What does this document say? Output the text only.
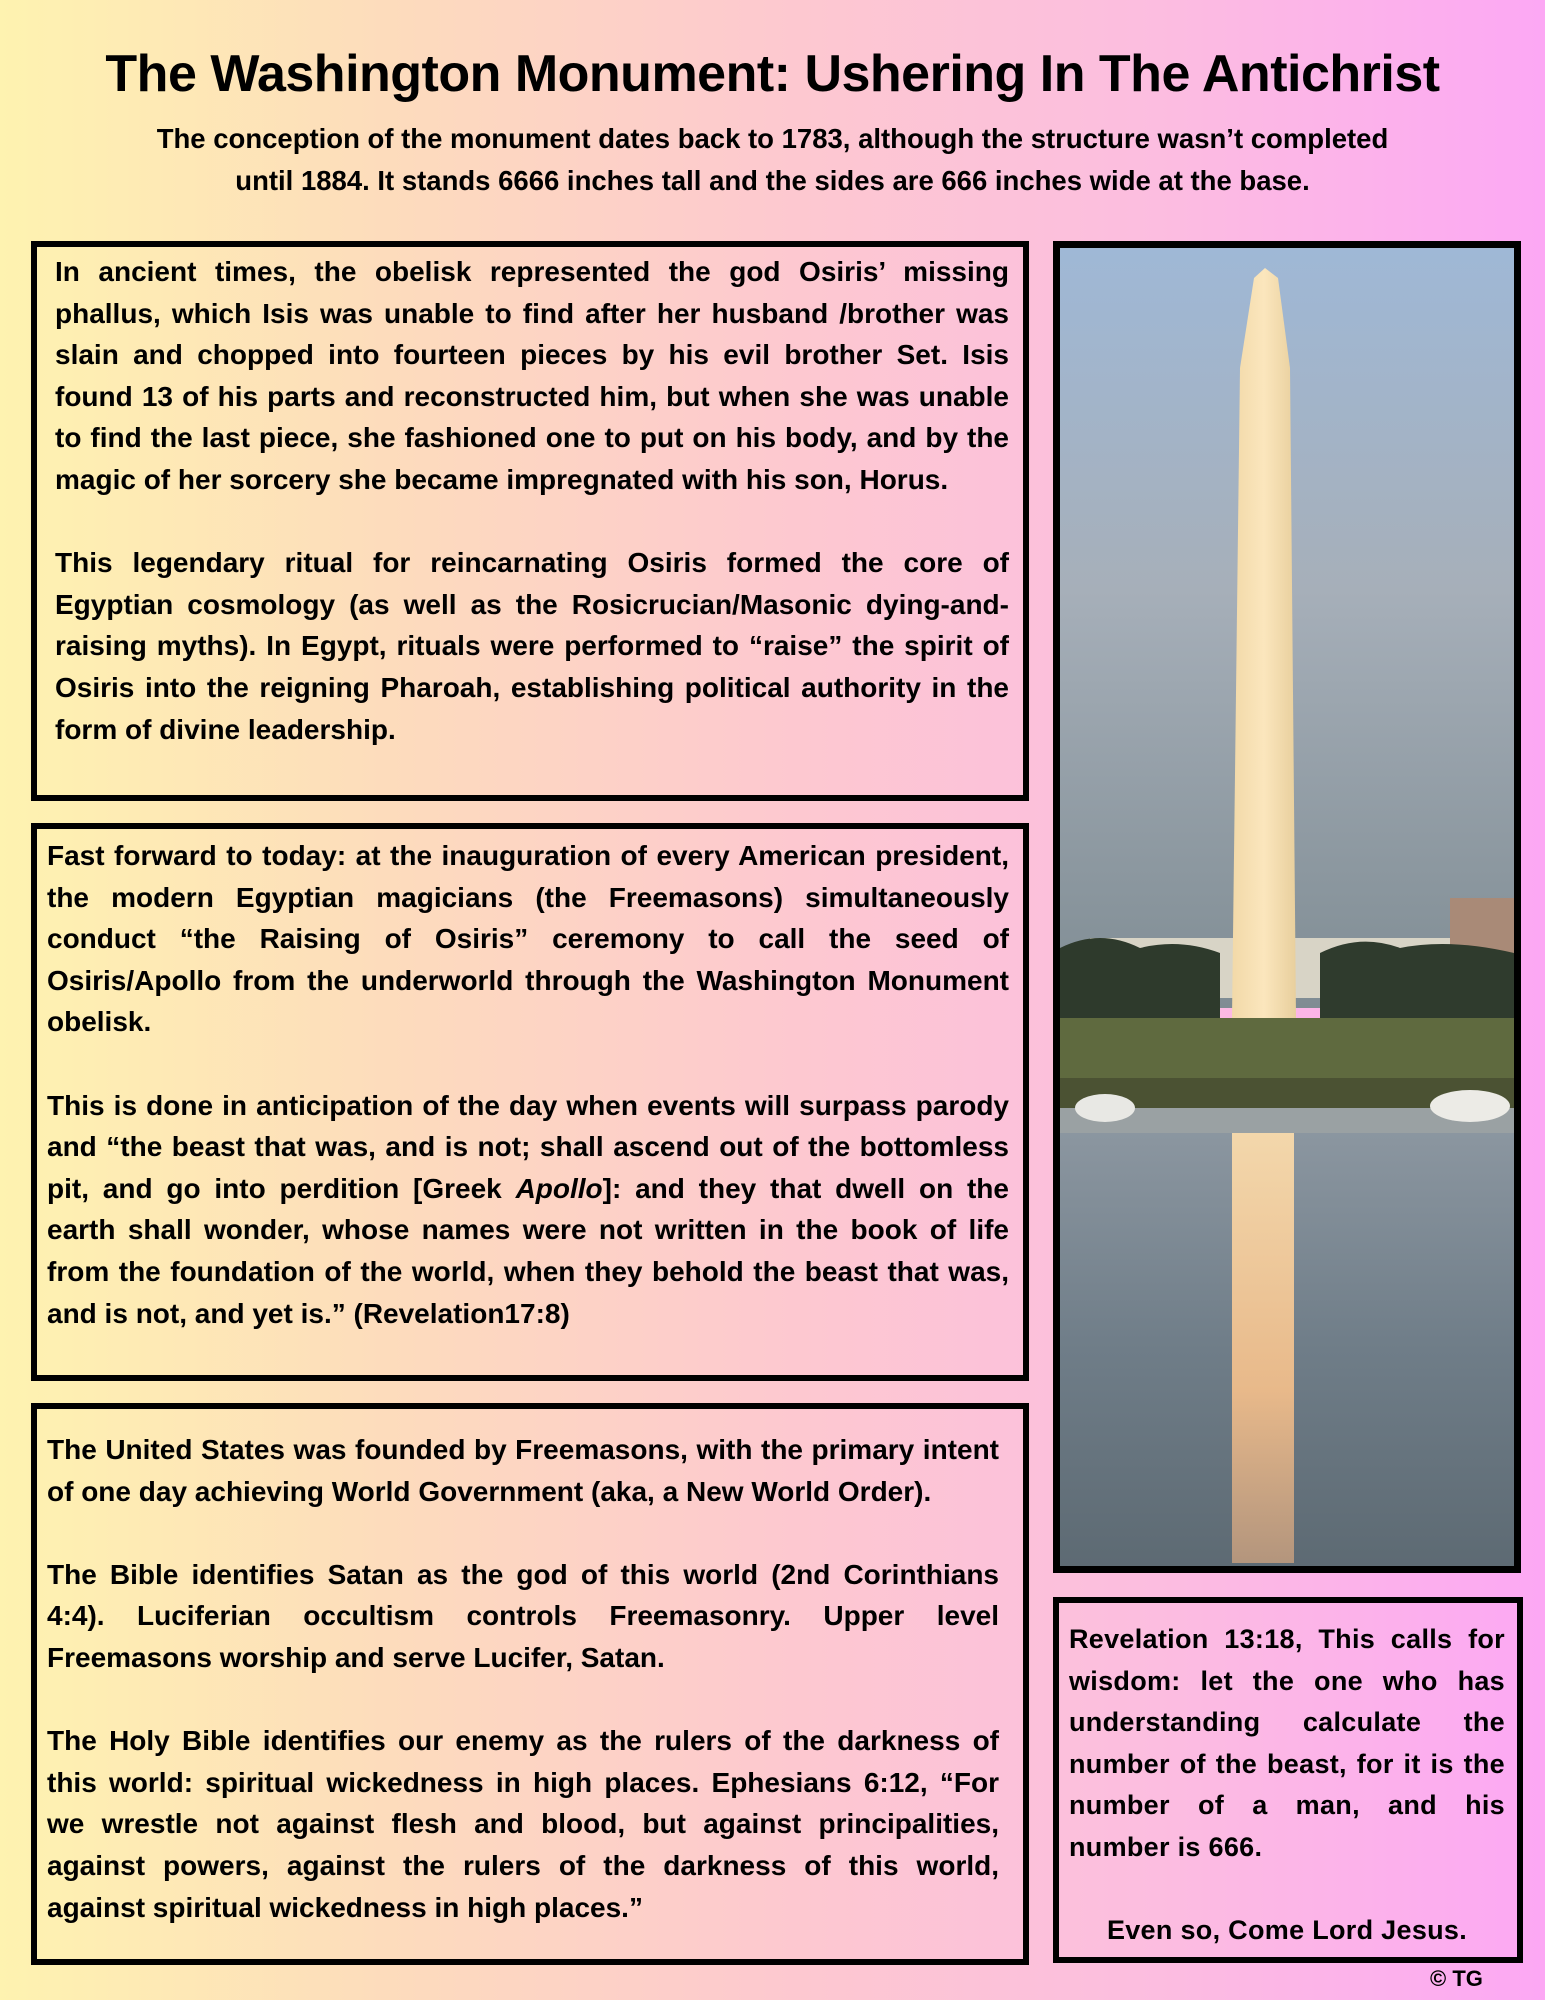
The Washington Monument: Ushering In The Antichrist
The conception of the monument dates back to 1783, although the structure wasn’t completed
until 1884. It stands 6666 inches tall and the sides are 666 inches wide at the base.

In ancient times, the obelisk represented the god Osiris’ missing phallus, which Isis was unable to find after her husband /brother was slain and chopped into fourteen pieces by his evil brother Set. Isis found 13 of his parts and reconstructed him, but when she was unable to find the last piece, she fashioned one to put on his body, and by the magic of her sorcery she became impregnated with his son, Horus.

This legendary ritual for reincarnating Osiris formed the core of Egyptian cosmology (as well as the Rosicrucian/Masonic dying-and-raising myths). In Egypt, rituals were performed to “raise” the spirit of Osiris into the reigning Pharoah, establishing political authority in the form of divine leadership.

Fast forward to today: at the inauguration of every American president, the modern Egyptian magicians (the Freemasons) simultaneously conduct “the Raising of Osiris” ceremony to call the seed of Osiris/Apollo from the underworld through the Washington Monument obelisk.

This is done in anticipation of the day when events will surpass parody and “the beast that was, and is not; shall ascend out of the bottomless pit, and go into perdition [Greek Apollo]: and they that dwell on the earth shall wonder, whose names were not written in the book of life from the foundation of the world, when they behold the beast that was, and is not, and yet is.” (Revelation17:8)

The United States was founded by Freemasons, with the primary intent of one day achieving World Government (aka, a New World Order).

The Bible identifies Satan as the god of this world (2nd Corinthians 4:4). Luciferian occultism controls Freemasonry. Upper level Freemasons worship and serve Lucifer, Satan.

The Holy Bible identifies our enemy as the rulers of the darkness of this world: spiritual wickedness in high places. Ephesians 6:12, “For we wrestle not against flesh and blood, but against principalities, against powers, against the rulers of the darkness of this world, against spiritual wickedness in high places.”

Revelation 13:18, This calls for wisdom: let the one who has understanding calculate the number of the beast, for it is the number of a man, and his number is 666.

Even so, Come Lord Jesus.

© TG
